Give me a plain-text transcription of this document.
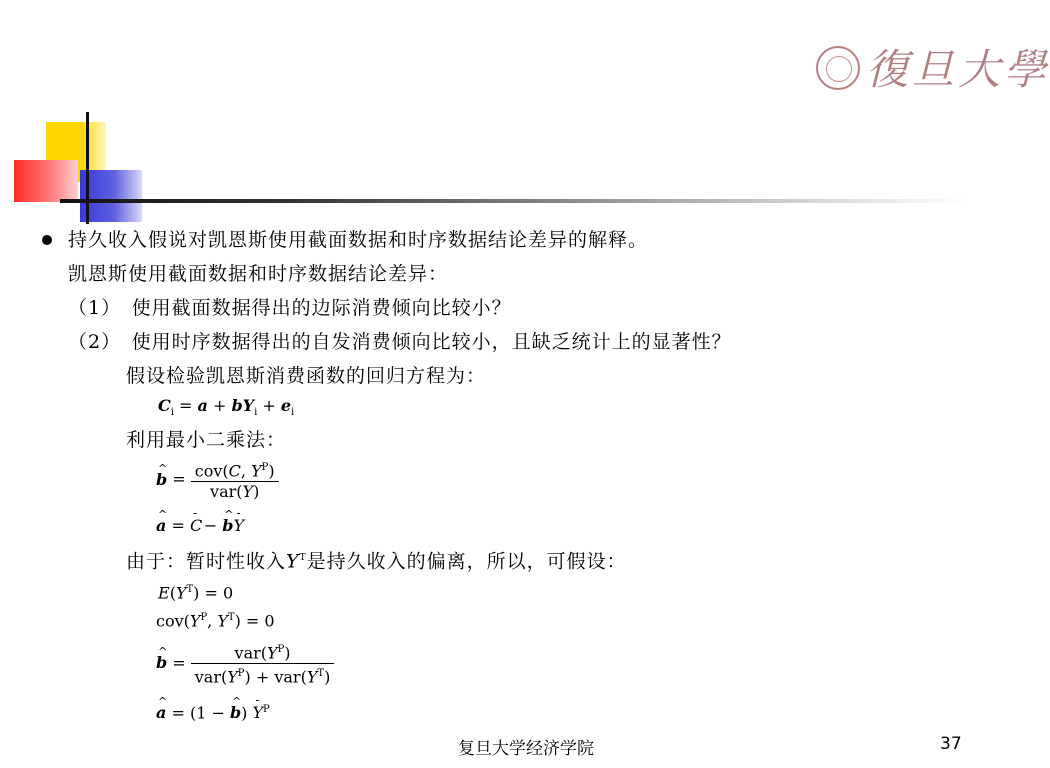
復旦大學
持久收入假说对凯恩斯使用截面数据和时序数据结论差异的解释。
凯恩斯使用截面数据和时序数据结论差异：
（1）　使用截面数据得出的边际消费倾向比较小？
（2）　使用时序数据得出的自发消费倾向比较小，且缺乏统计上的显著性？
假设检验凯恩斯消费函数的回归方程为：
$C_i = a + bY_i + e_i$
利用最小二乘法：
^ $b = \frac{cov(C, Y^P)}{\text{var(Y)}}$
^ a = - C − ^ b- Y
由于：暂时性收入$Y^T$是持久收入的偏离，所以，可假设：
$E(Y^T) = 0$
$cov(Y^P$, $Y^T) = 0$
^ $b = \frac{var(Y^P)}{var(Y^P) + var(Y^T)}$
^ a = (1 − ^ $b) - Y^P$
复旦大学经济学院	37
